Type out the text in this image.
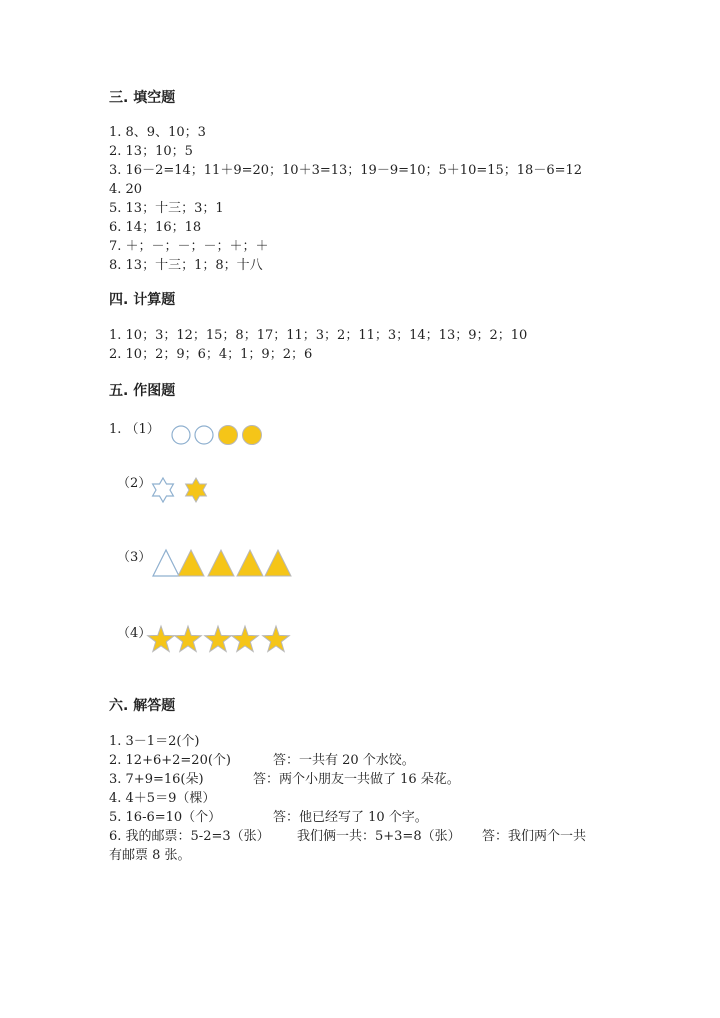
三. 填空题
1. 8、9、10；3
2. 13；10；5
3. 16－2=14；11＋9=20；10＋3=13；19－9=10；5＋10=15；18－6=12
4. 20
5. 13；十三；3；1
6. 14；16；18
7. ＋；－；－；－；＋；＋
8. 13；十三；1；8；十八
四. 计算题
1. 10；3；12；15；8；17；11；3；2；11；3；14；13；9；2；10
2. 10；2；9；6；4；1；9；2；6
五. 作图题
1. （1）
（2）
（3）
（4）
六. 解答题
1. 3－1＝2(个)
2. 12+6+2=20(个)	答：一共有 20 个水饺。
3. 7+9=16(朵)	答：两个小朋友一共做了 16 朵花。
4. 4＋5＝9（棵）
5. 16-6=10（个）	答：他已经写了 10 个字。
6. 我的邮票：5-2=3（张） 我们俩一共：5+3=8（张） 答：我们两个一共
有邮票 8 张。
